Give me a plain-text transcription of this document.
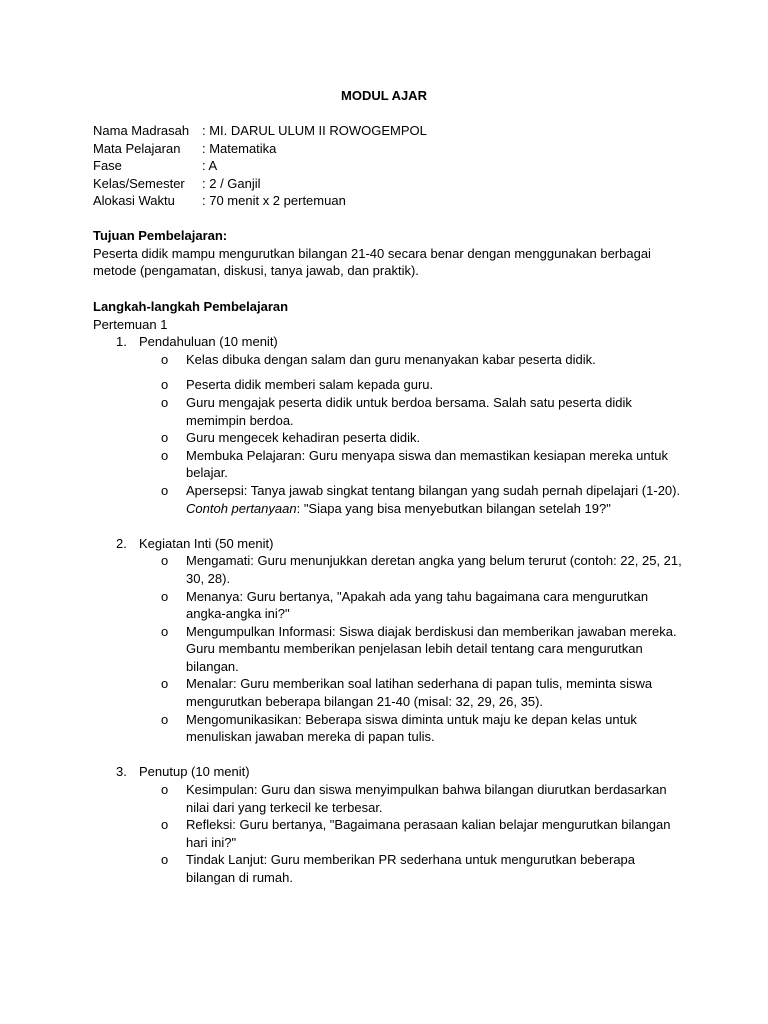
MODUL AJAR
Nama Madrasah : MI. DARUL ULUM II ROWOGEMPOL
Mata Pelajaran	: Matematika
Fase	: A
Kelas/Semester	: 2 / Ganjil
Alokasi Waktu	: 70 menit x 2 pertemuan
Tujuan Pembelajaran:
Peserta didik mampu mengurutkan bilangan 21-40 secara benar dengan menggunakan berbagai metode (pengamatan, diskusi, tanya jawab, dan praktik).
Langkah-langkah Pembelajaran
Pertemuan 1
1. Pendahuluan (10 menit)
o Kelas dibuka dengan salam dan guru menanyakan kabar peserta didik.
o Peserta didik memberi salam kepada guru.
o Guru mengajak peserta didik untuk berdoa bersama. Salah satu peserta didik memimpin berdoa.
o Guru mengecek kehadiran peserta didik.
o Membuka Pelajaran: Guru menyapa siswa dan memastikan kesiapan mereka untuk belajar.
o Apersepsi: Tanya jawab singkat tentang bilangan yang sudah pernah dipelajari (1-20).
Contoh pertanyaan: "Siapa yang bisa menyebutkan bilangan setelah 19?"
2. Kegiatan Inti (50 menit)
o Mengamati: Guru menunjukkan deretan angka yang belum terurut (contoh: 22, 25, 21, 30, 28).
o Menanya: Guru bertanya, "Apakah ada yang tahu bagaimana cara mengurutkan angka-angka ini?"
o Mengumpulkan Informasi: Siswa diajak berdiskusi dan memberikan jawaban mereka. Guru membantu memberikan penjelasan lebih detail tentang cara mengurutkan bilangan.
o Menalar: Guru memberikan soal latihan sederhana di papan tulis, meminta siswa mengurutkan beberapa bilangan 21-40 (misal: 32, 29, 26, 35).
o Mengomunikasikan: Beberapa siswa diminta untuk maju ke depan kelas untuk menuliskan jawaban mereka di papan tulis.
3. Penutup (10 menit)
o Kesimpulan: Guru dan siswa menyimpulkan bahwa bilangan diurutkan berdasarkan nilai dari yang terkecil ke terbesar.
o Refleksi: Guru bertanya, "Bagaimana perasaan kalian belajar mengurutkan bilangan hari ini?"
o Tindak Lanjut: Guru memberikan PR sederhana untuk mengurutkan beberapa bilangan di rumah.
